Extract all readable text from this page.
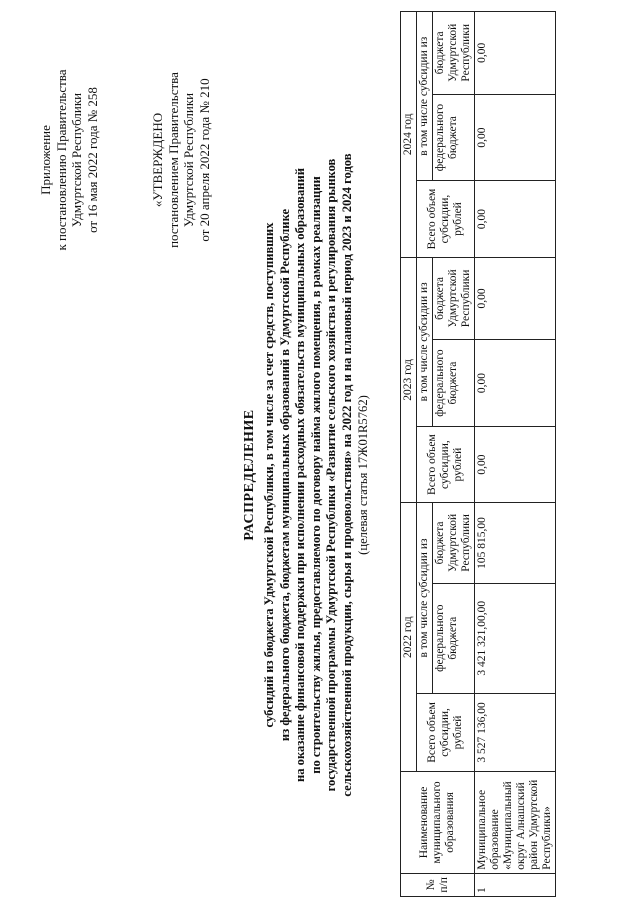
Приложение к постановлению Правительства Удмуртской Республики от 16 мая 2022 года № 258	«УТВЕРЖДЕНО постановлением Правительства Удмуртской Республики от 20 апреля 2022 года № 210
РАСПРЕДЕЛЕНИЕ субсидий из бюджета Удмуртской Республики, в том числе за счет средств, поступивших из федерального бюджета, бюджетам муниципальных образований в Удмуртской Республике на оказание финансовой поддержки при исполнении расходных обязательств муниципальных образований по строительству жилья, предоставляемого по договору найма жилого помещения, в рамках реализации государственной программы Удмуртской Республики «Развитие сельского хозяйства и регулирования рынков сельскохозяйственной продукции, сырья и продовольствия» на 2022 год и на плановый период 2023 и 2024 годов (целевая статья 17Ж01R5762)
№ п/п	Наименование муниципального образования	2022 год			2023 год			2024 год		
		Всего объем субсидии, рублей	в том числе субсидии из		Всего объем субсидии, рублей	в том числе субсидии из		Всего объем субсидии, рублей	в том числе субсидии из	
			федерального бюджета	бюджета Удмуртской Республики		федерального бюджета	бюджета Удмуртской Республики		федерального бюджета	бюджета Удмуртской Республики
1	Муниципальное образование «Муниципальный округ Алнашский район Удмуртской Республики»	3 527 136,00	3 421 321,00,00	105 815,00	0,00	0,00	0,00	0,00	0,00	0,00
